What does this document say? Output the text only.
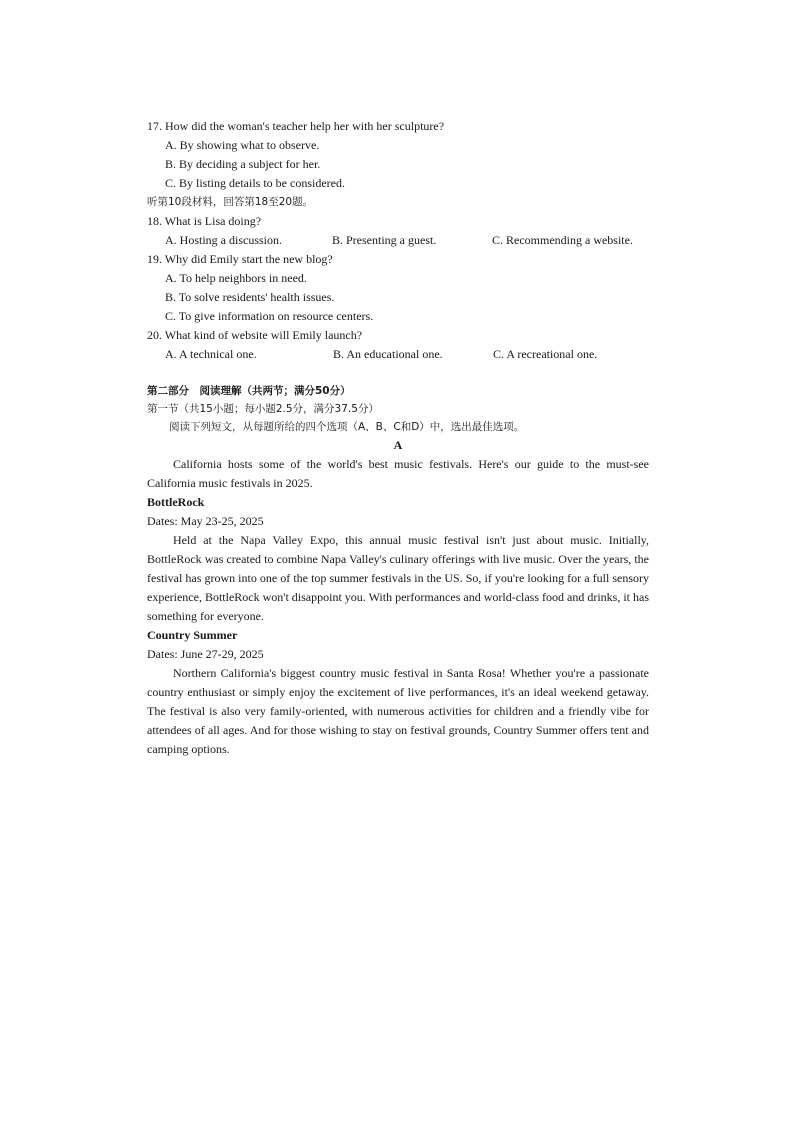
17. How did the woman's teacher help her with her sculpture?
A. By showing what to observe.
B. By deciding a subject for her.
C. By listing details to be considered.
听第10段材料，回答第18至20题。
18. What is Lisa doing?
A. Hosting a discussion.	B. Presenting a guest.	C. Recommending a website.
19. Why did Emily start the new blog?
A. To help neighbors in need.
B. To solve residents' health issues.
C. To give information on resource centers.
20. What kind of website will Emily launch?
A. A technical one.	B. An educational one.	C. A recreational one.
第二部分　阅读理解（共两节；满分50分）
第一节（共15小题；每小题2.5分，满分37.5分）
阅读下列短文，从每题所给的四个选项（A、B、C和D）中，选出最佳选项。
A
California hosts some of the world's best music festivals. Here's our guide to the must-see California music festivals in 2025.
BottleRock
Dates: May 23-25, 2025
Held at the Napa Valley Expo, this annual music festival isn't just about music. Initially, BottleRock was created to combine Napa Valley's culinary offerings with live music. Over the years, the festival has grown into one of the top summer festivals in the US. So, if you're looking for a full sensory experience, BottleRock won't disappoint you. With performances and world-class food and drinks, it has something for everyone.
Country Summer
Dates: June 27-29, 2025
Northern California's biggest country music festival in Santa Rosa! Whether you're a passionate country enthusiast or simply enjoy the excitement of live performances, it's an ideal weekend getaway. The festival is also very family-oriented, with numerous activities for children and a friendly vibe for attendees of all ages. And for those wishing to stay on festival grounds, Country Summer offers tent and camping options.
